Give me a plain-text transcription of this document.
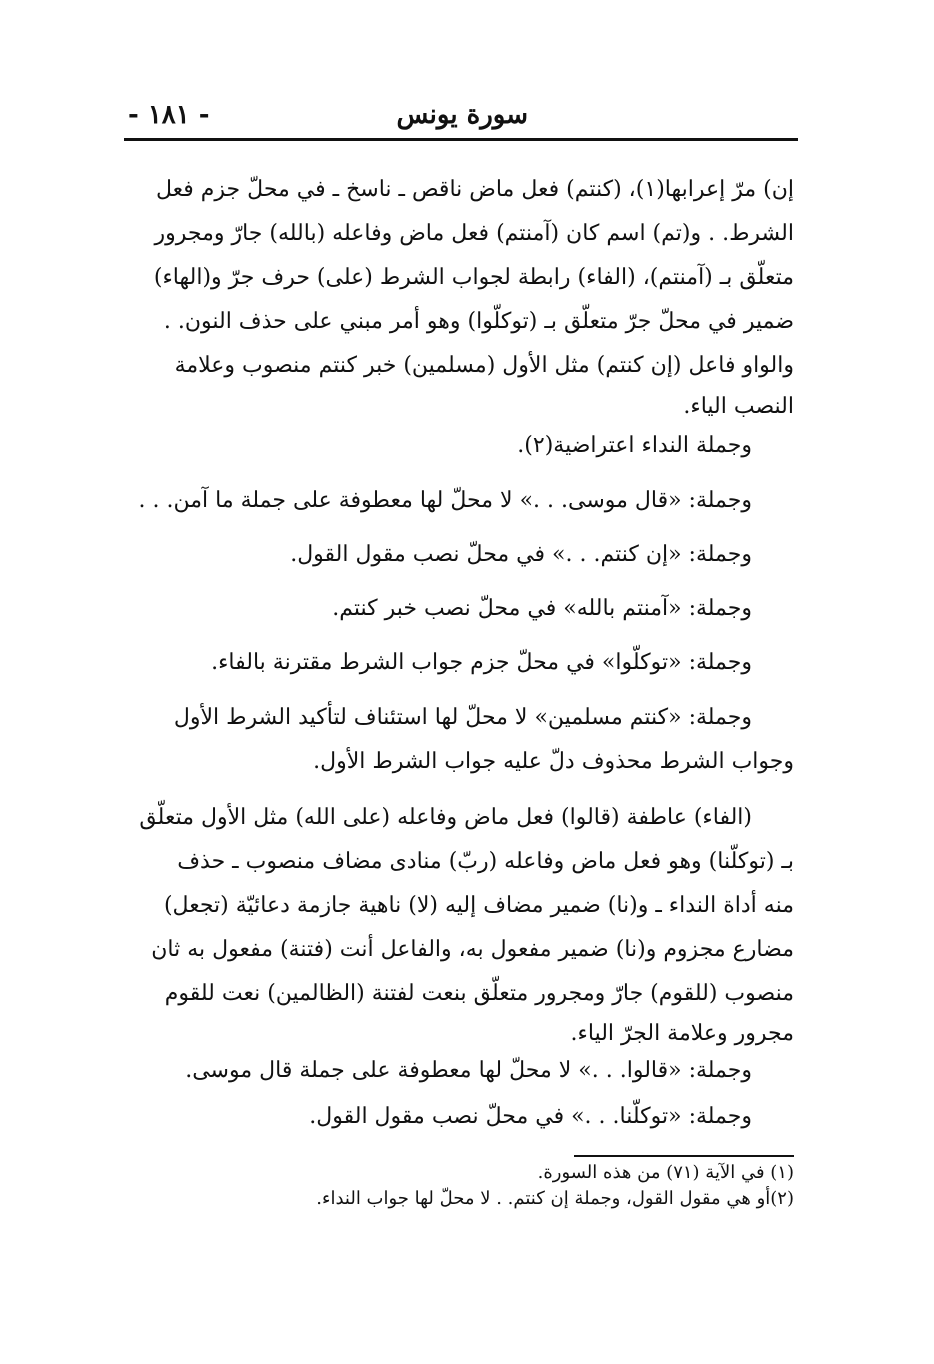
سورة يونس
- ١٨١ -

إن) مرّ إعرابها(١)، (كنتم) فعل ماض ناقص ـ ناسخ ـ في محلّ جزم فعل

الشرط. . و(تم) اسم كان (آمنتم) فعل ماض وفاعله (بالله) جارّ ومجرور

متعلّق بـ (آمنتم)، (الفاء) رابطة لجواب الشرط (على) حرف جرّ و(الهاء)

ضمير في محلّ جرّ متعلّق بـ (توكلّوا) وهو أمر مبني على حذف النون. .

والواو فاعل (إن كنتم) مثل الأول (مسلمين) خبر كنتم منصوب وعلامة

النصب الياء.

وجملة النداء اعتراضية(٢).

وجملة: «قال موسى. . .» لا محلّ لها معطوفة على جملة ما آمن. . .

وجملة: «إن كنتم. . .» في محلّ نصب مقول القول.

وجملة: «آمنتم بالله» في محلّ نصب خبر كنتم.

وجملة: «توكلّوا» في محلّ جزم جواب الشرط مقترنة بالفاء.

وجملة: «كنتم مسلمين» لا محلّ لها استئناف لتأكيد الشرط الأول

وجواب الشرط محذوف دلّ عليه جواب الشرط الأول.

(الفاء) عاطفة (قالوا) فعل ماض وفاعله (على الله) مثل الأول متعلّق

بـ (توكلّنا) وهو فعل ماض وفاعله (ربّ) منادى مضاف منصوب ـ حذف

منه أداة النداء ـ و(نا) ضمير مضاف إليه (لا) ناهية جازمة دعائيّة (تجعل)

مضارع مجزوم و(نا) ضمير مفعول به، والفاعل أنت (فتنة) مفعول به ثان

منصوب (للقوم) جارّ ومجرور متعلّق بنعت لفتنة (الظالمين) نعت للقوم

مجرور وعلامة الجرّ الياء.

وجملة: «قالوا. . .» لا محلّ لها معطوفة على جملة قال موسى.

وجملة: «توكلّنا. . .» في محلّ نصب مقول القول.

(١) في الآية (٧١) من هذه السورة.

(٢)أو هي مقول القول، وجملة إن كنتم. . لا محلّ لها جواب النداء.
